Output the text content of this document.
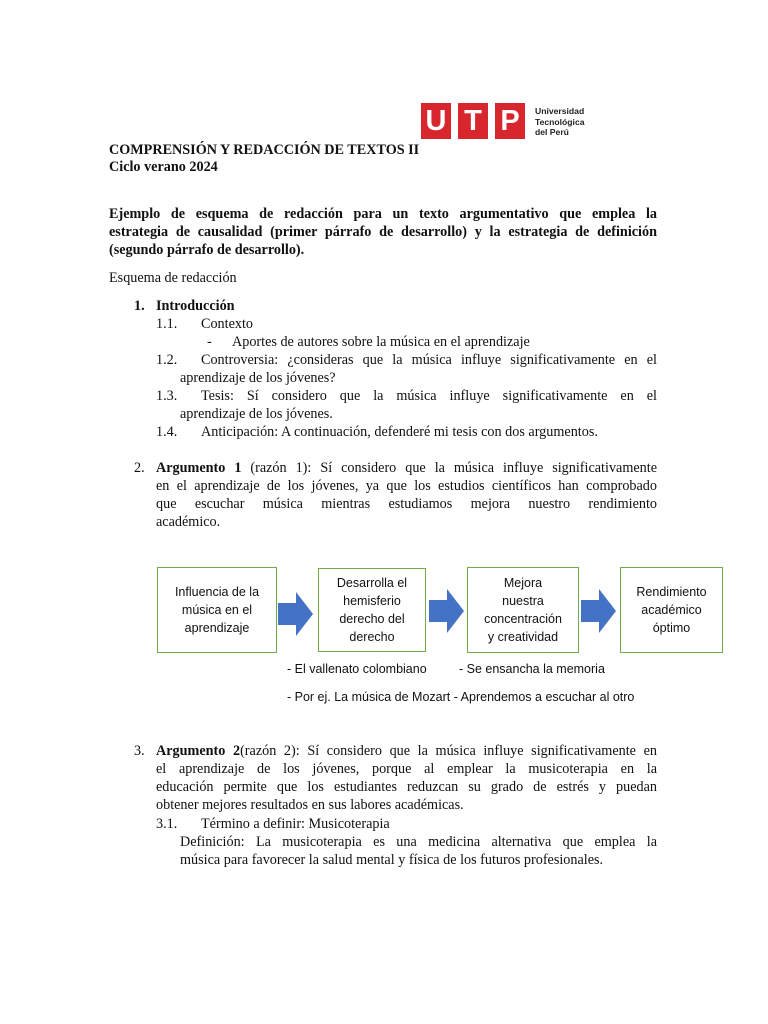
U T P	Universidad
Tecnológica
del Perú
COMPRENSIÓN Y REDACCIÓN DE TEXTOS II
Ciclo verano 2024
Ejemplo de esquema de redacción para un texto argumentativo que emplea la
estrategia de causalidad (primer párrafo de desarrollo) y la estrategia de definición
(segundo párrafo de desarrollo).
Esquema de redacción
1. Introducción
1.1. Contexto
- Aportes de autores sobre la música en el aprendizaje
1.2. Controversia: ¿consideras que la música influye significativamente en el
aprendizaje de los jóvenes?
1.3. Tesis: Sí considero que la música influye significativamente en el
aprendizaje de los jóvenes.
1.4. Anticipación: A continuación, defenderé mi tesis con dos argumentos.
2. Argumento 1 (razón 1): Sí considero que la música influye significativamente
en el aprendizaje de los jóvenes, ya que los estudios científicos han comprobado
que escuchar música mientras estudiamos mejora nuestro rendimiento
académico.
Influencia de la
música en el
aprendizaje
Desarrolla el
hemisferio
derecho del
derecho
Mejora
nuestra
concentración
y creatividad
Rendimiento
académico
óptimo
- El vallenato colombiano	- Se ensancha la memoria
- Por ej. La música de Mozart - Aprendemos a escuchar al otro
3. Argumento 2(razón 2): Sí considero que la música influye significativamente en
el aprendizaje de los jóvenes, porque al emplear la musicoterapia en la
educación permite que los estudiantes reduzcan su grado de estrés y puedan
obtener mejores resultados en sus labores académicas.
3.1. Término a definir: Musicoterapia
Definición: La musicoterapia es una medicina alternativa que emplea la
música para favorecer la salud mental y física de los futuros profesionales.
